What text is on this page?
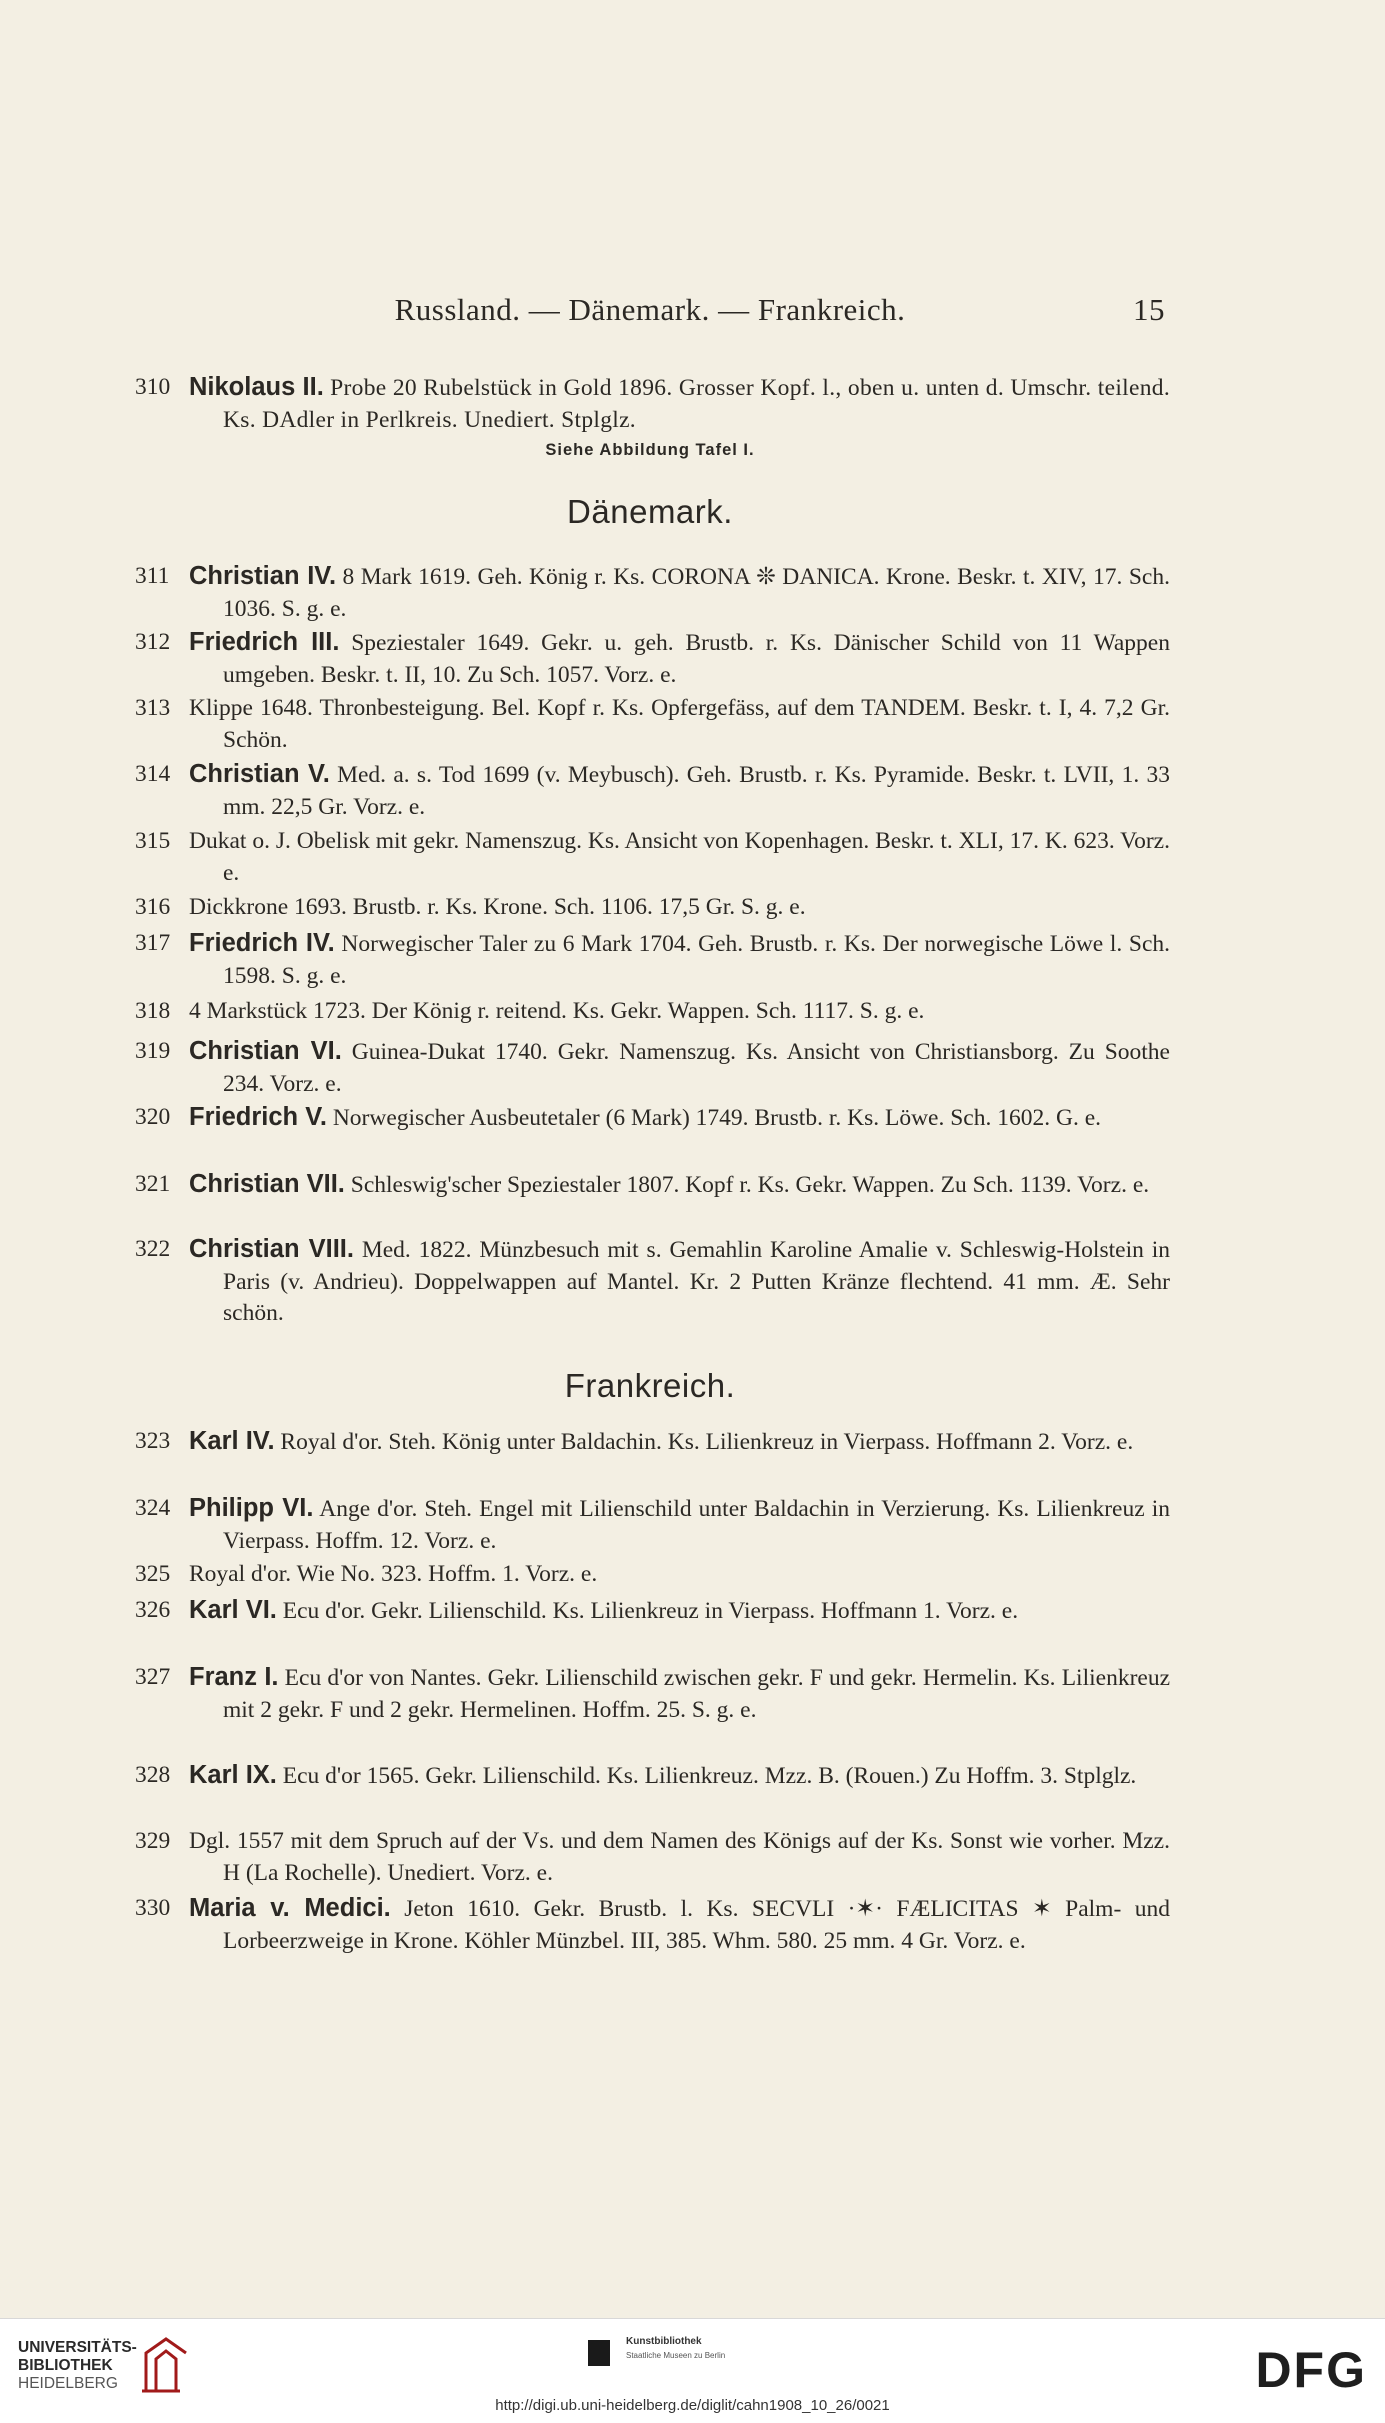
Russland. — Dänemark. — Frankreich.	15
310 Nikolaus II. Probe 20 Rubelstück in Gold 1896. Grosser Kopf. l., oben u. unten d. Umschr. teilend. Ks. DAdler in Perlkreis. Unediert. Stplglz.
Siehe Abbildung Tafel I.
Dänemark.
311 Christian IV. 8 Mark 1619. Geh. König r. Ks. CORONA ❊ DANICA. Krone. Beskr. t. XIV, 17. Sch. 1036. S. g. e.
312 Friedrich III. Speziestaler 1649. Gekr. u. geh. Brustb. r. Ks. Dänischer Schild von 11 Wappen umgeben. Beskr. t. II, 10. Zu Sch. 1057. Vorz. e.
313 Klippe 1648. Thronbesteigung. Bel. Kopf r. Ks. Opfergefäss, auf dem TANDEM. Beskr. t. I, 4. 7,2 Gr. Schön.
314 Christian V. Med. a. s. Tod 1699 (v. Meybusch). Geh. Brustb. r. Ks. Pyramide. Beskr. t. LVII, 1. 33 mm. 22,5 Gr. Vorz. e.
315 Dukat o. J. Obelisk mit gekr. Namenszug. Ks. Ansicht von Kopenhagen. Beskr. t. XLI, 17. K. 623. Vorz. e.
316 Dickkrone 1693. Brustb. r. Ks. Krone. Sch. 1106. 17,5 Gr. S. g. e.
317 Friedrich IV. Norwegischer Taler zu 6 Mark 1704. Geh. Brustb. r. Ks. Der norwegische Löwe l. Sch. 1598. S. g. e.
318 4 Markstück 1723. Der König r. reitend. Ks. Gekr. Wappen. Sch. 1117. S. g. e.
319 Christian VI. Guinea-Dukat 1740. Gekr. Namenszug. Ks. Ansicht von Christiansborg. Zu Soothe 234. Vorz. e.
320 Friedrich V. Norwegischer Ausbeutetaler (6 Mark) 1749. Brustb. r. Ks. Löwe. Sch. 1602. G. e.
321 Christian VII. Schleswig'scher Speziestaler 1807. Kopf r. Ks. Gekr. Wappen. Zu Sch. 1139. Vorz. e.
322 Christian VIII. Med. 1822. Münzbesuch mit s. Gemahlin Karoline Amalie v. Schleswig-Holstein in Paris (v. Andrieu). Doppelwappen auf Mantel. Kr. 2 Putten Kränze flechtend. 41 mm. Æ. Sehr schön.
Frankreich.
323 Karl IV. Royal d'or. Steh. König unter Baldachin. Ks. Lilienkreuz in Vierpass. Hoffmann 2. Vorz. e.
324 Philipp VI. Ange d'or. Steh. Engel mit Lilienschild unter Baldachin in Verzierung. Ks. Lilienkreuz in Vierpass. Hoffm. 12. Vorz. e.
325 Royal d'or. Wie No. 323. Hoffm. 1. Vorz. e.
326 Karl VI. Ecu d'or. Gekr. Lilienschild. Ks. Lilienkreuz in Vierpass. Hoffmann 1. Vorz. e.
327 Franz I. Ecu d'or von Nantes. Gekr. Lilienschild zwischen gekr. F und gekr. Hermelin. Ks. Lilienkreuz mit 2 gekr. F und 2 gekr. Hermelinen. Hoffm. 25. S. g. e.
328 Karl IX. Ecu d'or 1565. Gekr. Lilienschild. Ks. Lilienkreuz. Mzz. B. (Rouen.) Zu Hoffm. 3. Stplglz.
329 Dgl. 1557 mit dem Spruch auf der Vs. und dem Namen des Königs auf der Ks. Sonst wie vorher. Mzz. H (La Rochelle). Unediert. Vorz. e.
330 Maria v. Medici. Jeton 1610. Gekr. Brustb. l. Ks. SECVLI ·✶· FÆLICITAS ✶ Palm- und Lorbeerzweige in Krone. Köhler Münzbel. III, 385. Whm. 580. 25 mm. 4 Gr. Vorz. e.
UNIVERSITÄTS-
BIBLIOTHEK
HEIDELBERG
Kunstbibliothek
Staatliche Museen zu Berlin	DFG
http://digi.ub.uni-heidelberg.de/diglit/cahn1908_10_26/0021
